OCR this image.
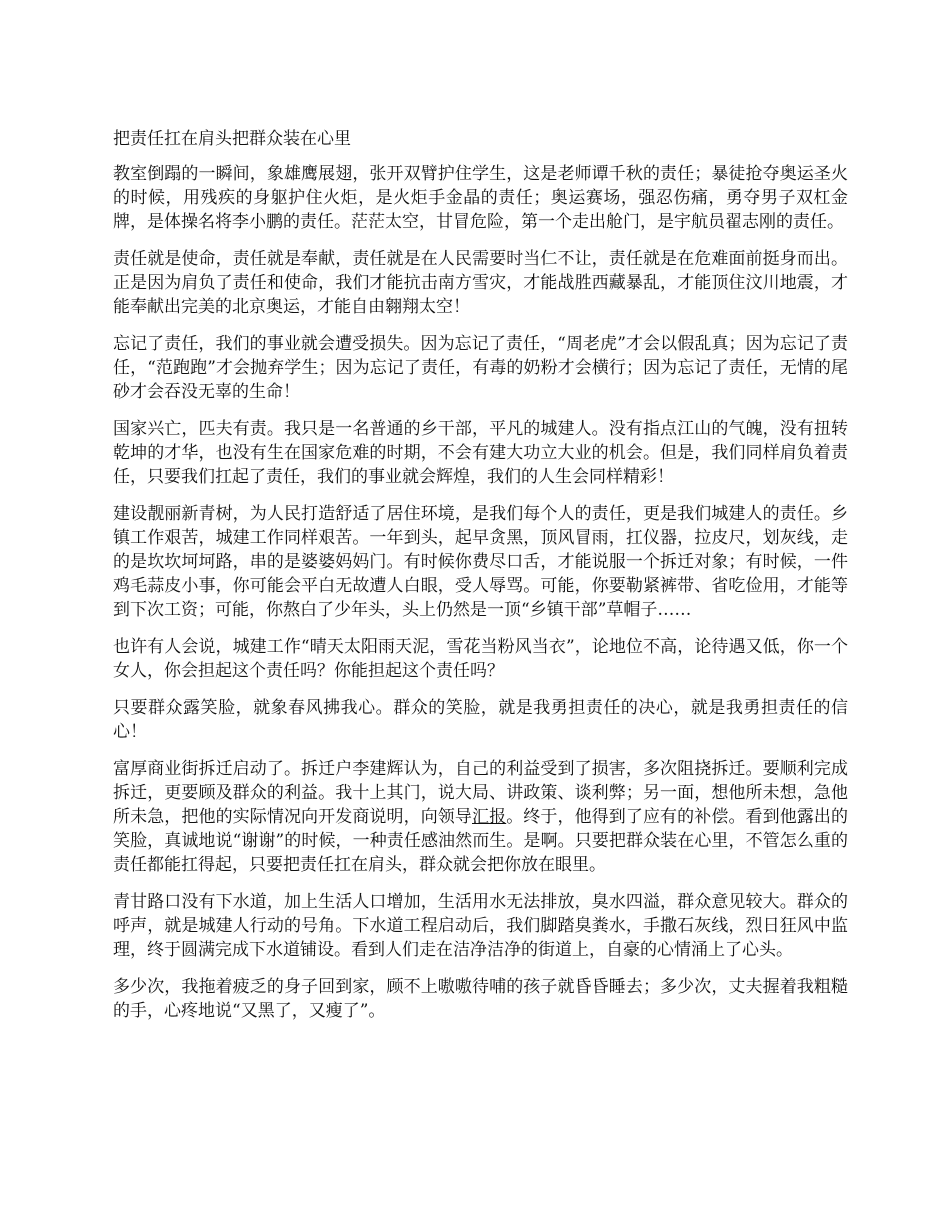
把责任扛在肩头把群众装在心里

教室倒蹋的一瞬间，象雄鹰展翅，张开双臂护住学生，这是老师谭千秋的责任；暴徒抢夺奥运圣火的时候，用残疾的身躯护住火炬，是火炬手金晶的责任；奥运赛场，强忍伤痛，勇夺男子双杠金牌，是体操名将李小鹏的责任。茫茫太空，甘冒危险，第一个走出舱门，是宇航员翟志刚的责任。

责任就是使命，责任就是奉献，责任就是在人民需要时当仁不让，责任就是在危难面前挺身而出。正是因为肩负了责任和使命，我们才能抗击南方雪灾，才能战胜西藏暴乱，才能顶住汶川地震，才能奉献出完美的北京奥运，才能自由翱翔太空！

忘记了责任，我们的事业就会遭受损失。因为忘记了责任，“周老虎”才会以假乱真；因为忘记了责任，“范跑跑”才会抛弃学生；因为忘记了责任，有毒的奶粉才会横行；因为忘记了责任，无情的尾砂才会吞没无辜的生命！

国家兴亡，匹夫有责。我只是一名普通的乡干部，平凡的城建人。没有指点江山的气魄，没有扭转乾坤的才华，也没有生在国家危难的时期，不会有建大功立大业的机会。但是，我们同样肩负着责任，只要我们扛起了责任，我们的事业就会辉煌，我们的人生会同样精彩！

建设靓丽新青树，为人民打造舒适了居住环境，是我们每个人的责任，更是我们城建人的责任。乡镇工作艰苦，城建工作同样艰苦。一年到头，起早贪黑，顶风冒雨，扛仪器，拉皮尺，划灰线，走的是坎坎坷坷路，串的是婆婆妈妈门。有时候你费尽口舌，才能说服一个拆迁对象；有时候，一件鸡毛蒜皮小事，你可能会平白无故遭人白眼，受人辱骂。可能，你要勒紧裤带、省吃俭用，才能等到下次工资；可能，你熬白了少年头，头上仍然是一顶“乡镇干部”草帽子……

也许有人会说，城建工作“晴天太阳雨天泥，雪花当粉风当衣”，论地位不高，论待遇又低，你一个女人，你会担起这个责任吗？你能担起这个责任吗？

只要群众露笑脸，就象春风拂我心。群众的笑脸，就是我勇担责任的决心，就是我勇担责任的信心！

富厚商业街拆迁启动了。拆迁户李建辉认为，自己的利益受到了损害，多次阻挠拆迁。要顺利完成拆迁，更要顾及群众的利益。我十上其门，说大局、讲政策、谈利弊；另一面，想他所未想，急他所未急，把他的实际情况向开发商说明，向领导汇报。终于，他得到了应有的补偿。看到他露出的笑脸，真诚地说“谢谢”的时候，一种责任感油然而生。是啊。只要把群众装在心里，不管怎么重的责任都能扛得起，只要把责任扛在肩头，群众就会把你放在眼里。

青甘路口没有下水道，加上生活人口增加，生活用水无法排放，臭水四溢，群众意见较大。群众的呼声，就是城建人行动的号角。下水道工程启动后，我们脚踏臭粪水，手撒石灰线，烈日狂风中监理，终于圆满完成下水道铺设。看到人们走在洁净洁净的街道上，自豪的心情涌上了心头。

多少次，我拖着疲乏的身子回到家，顾不上嗷嗷待哺的孩子就昏昏睡去；多少次，丈夫握着我粗糙的手，心疼地说“又黑了，又瘦了”。
